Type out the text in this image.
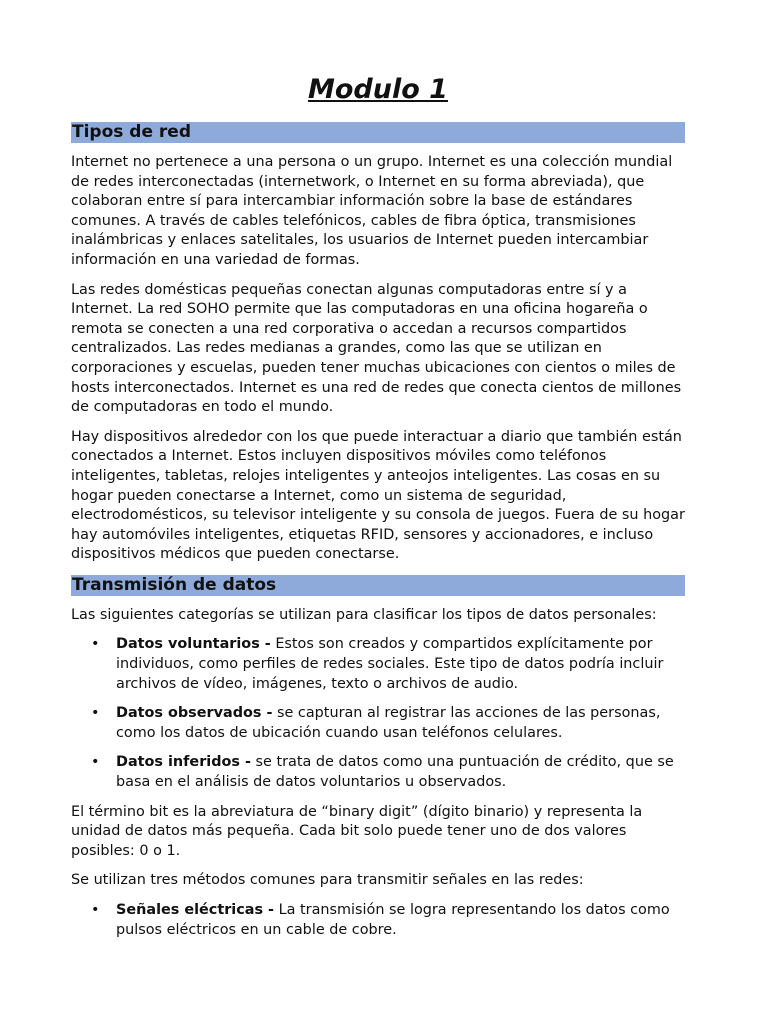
Modulo 1
Tipos de red

Internet no pertenece a una persona o un grupo. Internet es una colección mundial de redes interconectadas (internetwork, o Internet en su forma abreviada), que colaboran entre sí para intercambiar información sobre la base de estándares comunes. A través de cables telefónicos, cables de fibra óptica, transmisiones inalámbricas y enlaces satelitales, los usuarios de Internet pueden intercambiar información en una variedad de formas.

Las redes domésticas pequeñas conectan algunas computadoras entre sí y a Internet. La red SOHO permite que las computadoras en una oficina hogareña o remota se conecten a una red corporativa o accedan a recursos compartidos centralizados. Las redes medianas a grandes, como las que se utilizan en corporaciones y escuelas, pueden tener muchas ubicaciones con cientos o miles de hosts interconectados. Internet es una red de redes que conecta cientos de millones de computadoras en todo el mundo.

Hay dispositivos alrededor con los que puede interactuar a diario que también están conectados a Internet. Estos incluyen dispositivos móviles como teléfonos inteligentes, tabletas, relojes inteligentes y anteojos inteligentes. Las cosas en su hogar pueden conectarse a Internet, como un sistema de seguridad, electrodomésticos, su televisor inteligente y su consola de juegos. Fuera de su hogar hay automóviles inteligentes, etiquetas RFID, sensores y accionadores, e incluso dispositivos médicos que pueden conectarse.

Transmisión de datos

Las siguientes categorías se utilizan para clasificar los tipos de datos personales:

• Datos voluntarios - Estos son creados y compartidos explícitamente por individuos, como perfiles de redes sociales. Este tipo de datos podría incluir archivos de vídeo, imágenes, texto o archivos de audio.
• Datos observados - se capturan al registrar las acciones de las personas, como los datos de ubicación cuando usan teléfonos celulares.
• Datos inferidos - se trata de datos como una puntuación de crédito, que se basa en el análisis de datos voluntarios u observados.

El término bit es la abreviatura de “binary digit” (dígito binario) y representa la unidad de datos más pequeña. Cada bit solo puede tener uno de dos valores posibles: 0 o 1.

Se utilizan tres métodos comunes para transmitir señales en las redes:

• Señales eléctricas - La transmisión se logra representando los datos como pulsos eléctricos en un cable de cobre.
